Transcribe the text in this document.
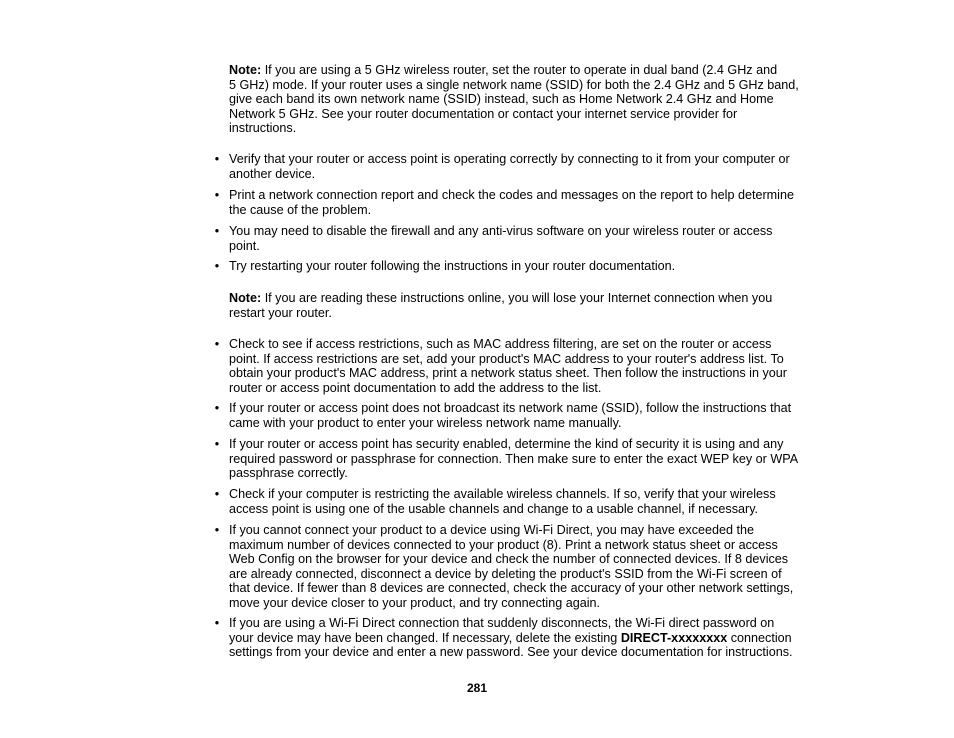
Note: If you are using a 5 GHz wireless router, set the router to operate in dual band (2.4 GHz and
5 GHz) mode. If your router uses a single network name (SSID) for both the 2.4 GHz and 5 GHz band,
give each band its own network name (SSID) instead, such as Home Network 2.4 GHz and Home
Network 5 GHz. See your router documentation or contact your internet service provider for
instructions.
• Verify that your router or access point is operating correctly by connecting to it from your computer or
another device.
• Print a network connection report and check the codes and messages on the report to help determine
the cause of the problem.
• You may need to disable the firewall and any anti-virus software on your wireless router or access
point.
• Try restarting your router following the instructions in your router documentation.
Note: If you are reading these instructions online, you will lose your Internet connection when you
restart your router.
• Check to see if access restrictions, such as MAC address filtering, are set on the router or access
point. If access restrictions are set, add your product's MAC address to your router's address list. To
obtain your product's MAC address, print a network status sheet. Then follow the instructions in your
router or access point documentation to add the address to the list.
• If your router or access point does not broadcast its network name (SSID), follow the instructions that
came with your product to enter your wireless network name manually.
• If your router or access point has security enabled, determine the kind of security it is using and any
required password or passphrase for connection. Then make sure to enter the exact WEP key or WPA
passphrase correctly.
• Check if your computer is restricting the available wireless channels. If so, verify that your wireless
access point is using one of the usable channels and change to a usable channel, if necessary.
• If you cannot connect your product to a device using Wi-Fi Direct, you may have exceeded the
maximum number of devices connected to your product (8). Print a network status sheet or access
Web Config on the browser for your device and check the number of connected devices. If 8 devices
are already connected, disconnect a device by deleting the product's SSID from the Wi-Fi screen of
that device. If fewer than 8 devices are connected, check the accuracy of your other network settings,
move your device closer to your product, and try connecting again.
• If you are using a Wi-Fi Direct connection that suddenly disconnects, the Wi-Fi direct password on
your device may have been changed. If necessary, delete the existing DIRECT-xxxxxxxx connection
settings from your device and enter a new password. See your device documentation for instructions.
281
